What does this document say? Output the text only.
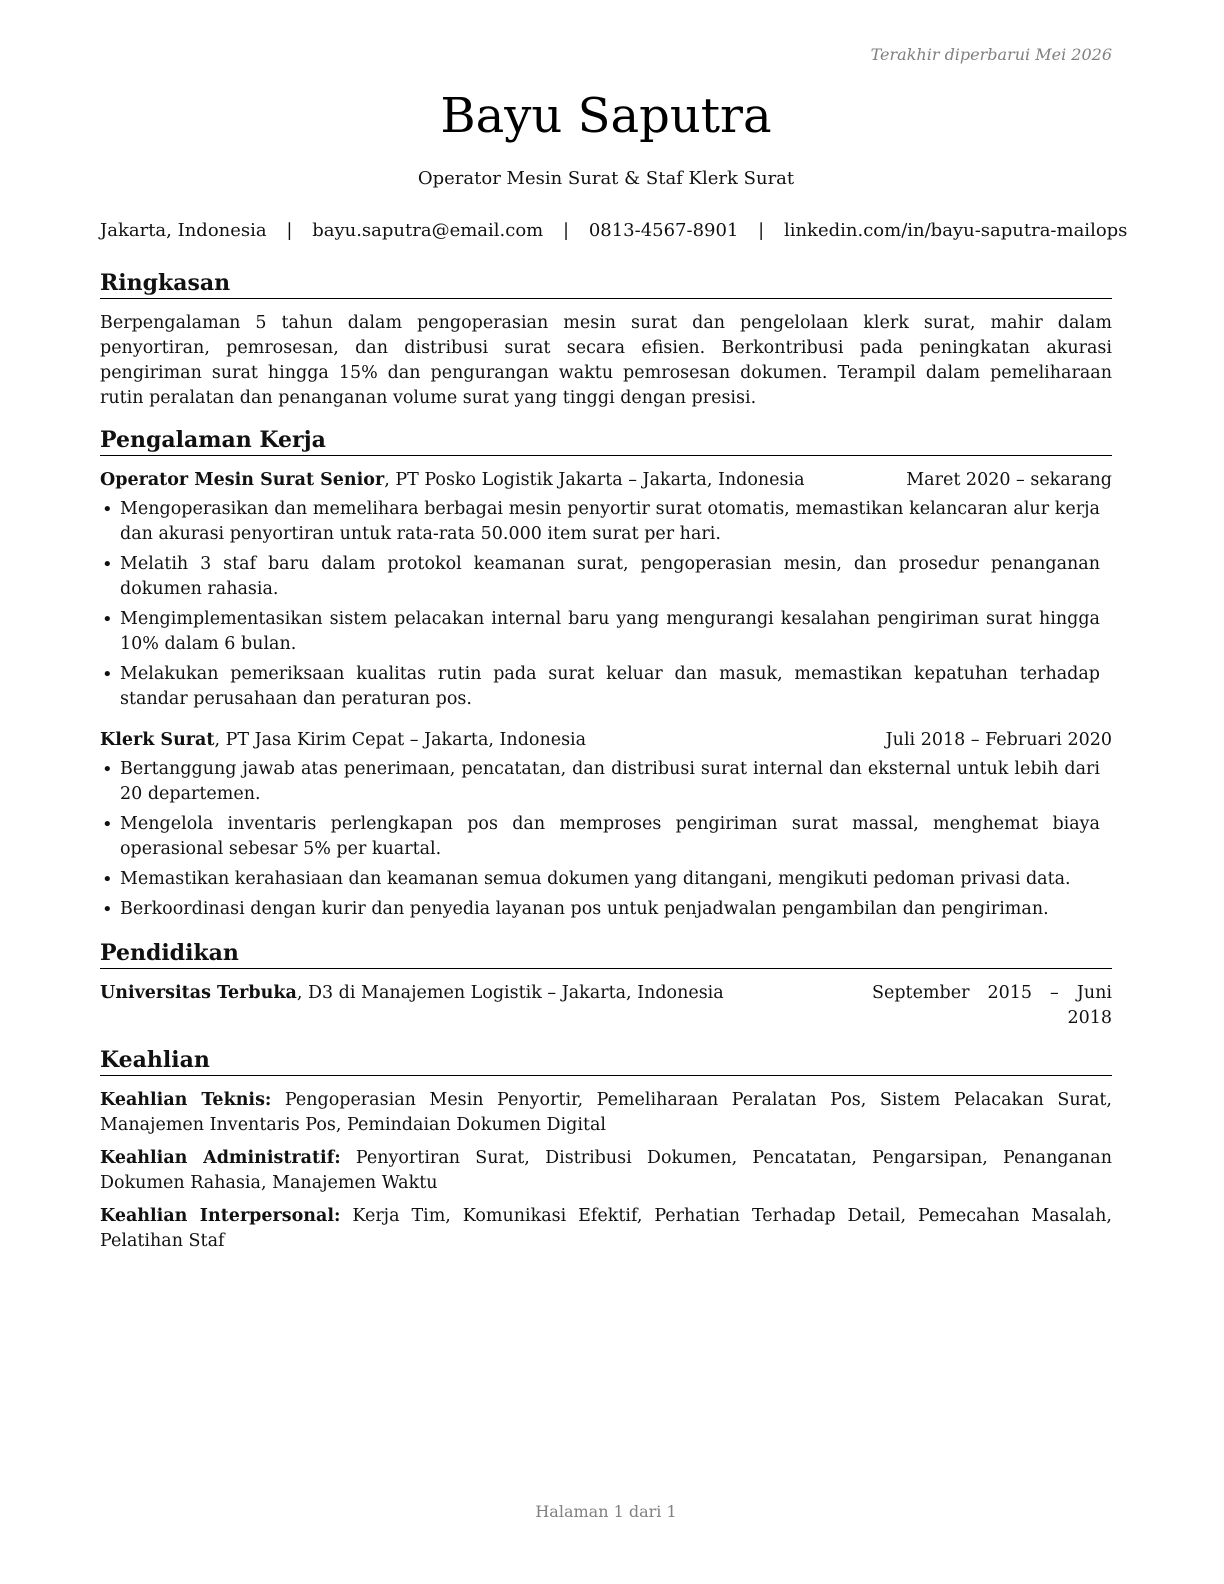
Terakhir diperbarui Mei 2026
Bayu Saputra
Operator Mesin Surat & Staf Klerk Surat
Jakarta, Indonesia | bayu.saputra@email.com | 0813-4567-8901 | linkedin.com/in/bayu-saputra-mailops
Ringkasan

Berpengalaman 5 tahun dalam pengoperasian mesin surat dan pengelolaan klerk surat, mahir dalam penyortiran, pemrosesan, dan distribusi surat secara efisien. Berkontribusi pada peningkatan akurasi pengiriman surat hingga 15% dan pengurangan waktu pemrosesan dokumen. Terampil dalam pemeliharaan rutin peralatan dan penanganan volume surat yang tinggi dengan presisi.

Pengalaman Kerja
Operator Mesin Surat Senior, PT Posko Logistik Jakarta – Jakarta, Indonesia	Maret 2020 – sekarang
• Mengoperasikan dan memelihara berbagai mesin penyortir surat otomatis, memastikan kelancaran alur kerja dan akurasi penyortiran untuk rata-rata 50.000 item surat per hari.
• Melatih 3 staf baru dalam protokol keamanan surat, pengoperasian mesin, dan prosedur penanganan dokumen rahasia.
• Mengimplementasikan sistem pelacakan internal baru yang mengurangi kesalahan pengiriman surat hingga 10% dalam 6 bulan.
• Melakukan pemeriksaan kualitas rutin pada surat keluar dan masuk, memastikan kepatuhan terhadap standar perusahaan dan peraturan pos.
Klerk Surat, PT Jasa Kirim Cepat – Jakarta, Indonesia	Juli 2018 – Februari 2020
• Bertanggung jawab atas penerimaan, pencatatan, dan distribusi surat internal dan eksternal untuk lebih dari 20 departemen.
• Mengelola inventaris perlengkapan pos dan memproses pengiriman surat massal, menghemat biaya operasional sebesar 5% per kuartal.
• Memastikan kerahasiaan dan keamanan semua dokumen yang ditangani, mengikuti pedoman privasi data.
• Berkoordinasi dengan kurir dan penyedia layanan pos untuk penjadwalan pengambilan dan pengiriman.
Pendidikan
Universitas Terbuka, D3 di Manajemen Logistik – Jakarta, Indonesia	September 2015 – Juni 2018
Keahlian

Keahlian Teknis: Pengoperasian Mesin Penyortir, Pemeliharaan Peralatan Pos, Sistem Pelacakan Surat, Manajemen Inventaris Pos, Pemindaian Dokumen Digital

Keahlian Administratif: Penyortiran Surat, Distribusi Dokumen, Pencatatan, Pengarsipan, Penanganan Dokumen Rahasia, Manajemen Waktu

Keahlian Interpersonal: Kerja Tim, Komunikasi Efektif, Perhatian Terhadap Detail, Pemecahan Masalah, Pelatihan Staf

Halaman 1 dari 1
